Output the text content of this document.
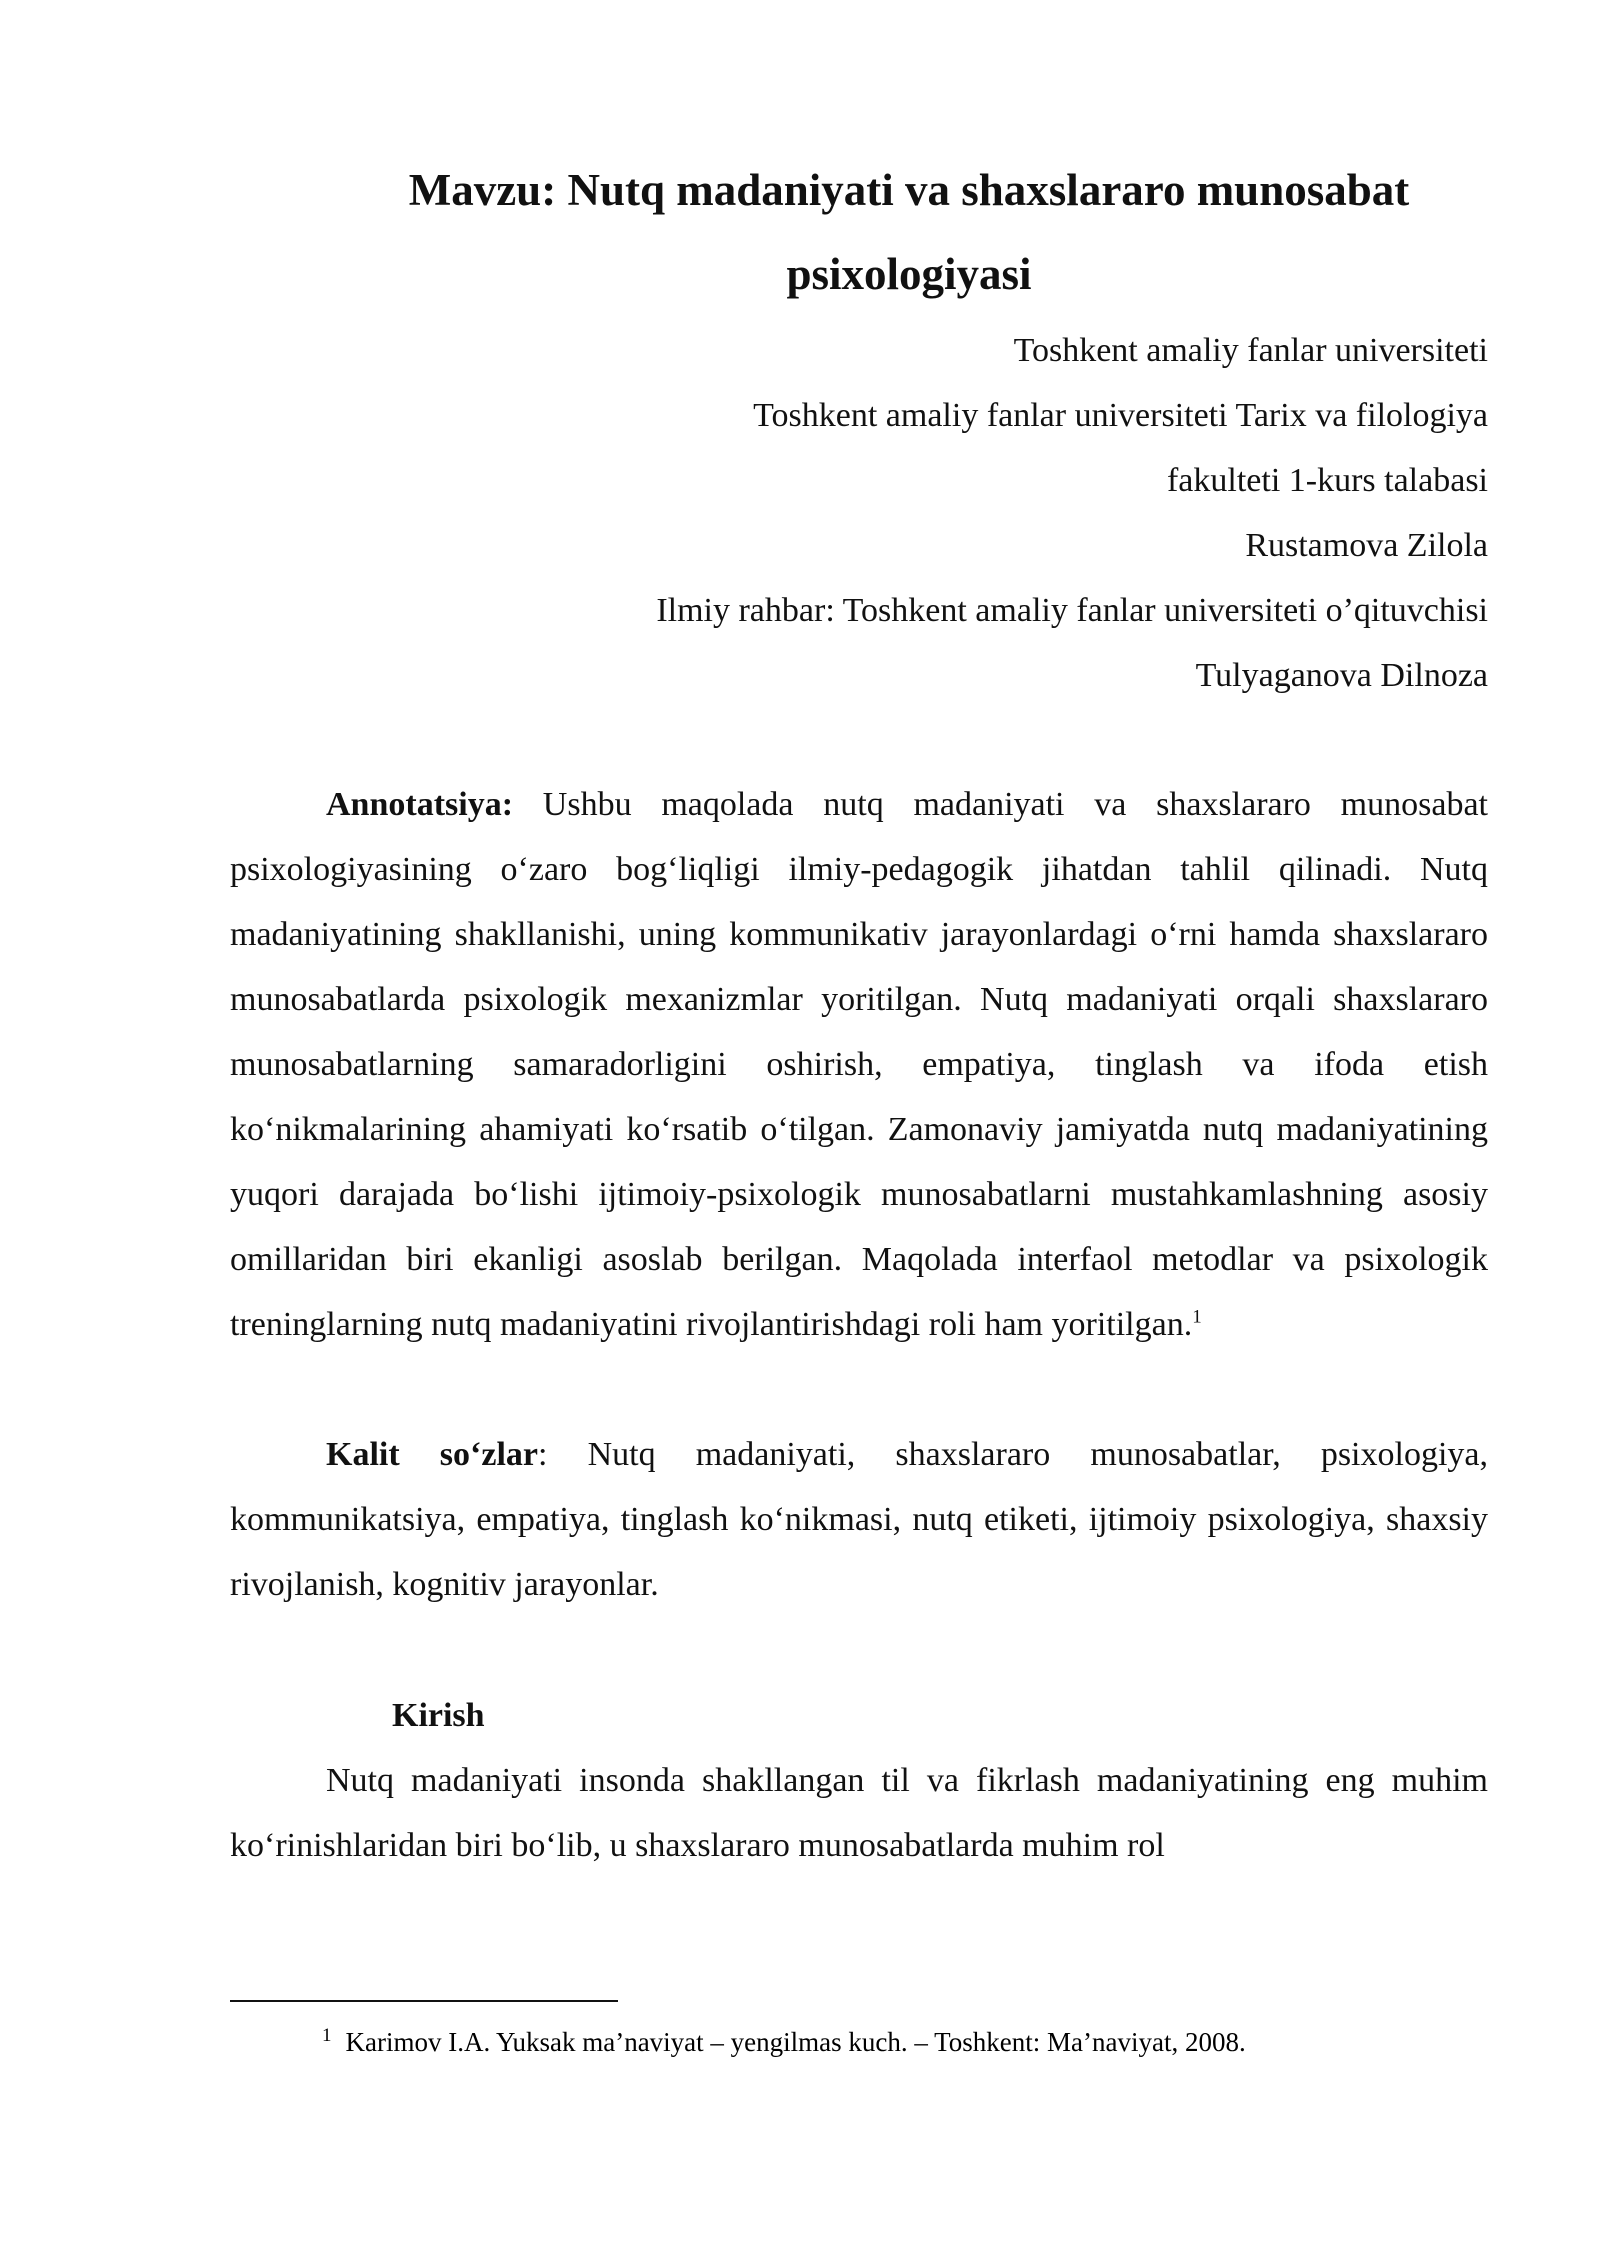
Mavzu: Nutq madaniyati va shaxslararo munosabat
psixologiyasi
Toshkent amaliy fanlar universiteti
Toshkent amaliy fanlar universiteti Tarix va filologiya
fakulteti 1-kurs talabasi
Rustamova Zilola
Ilmiy rahbar: Toshkent amaliy fanlar universiteti o’qituvchisi
Tulyaganova Dilnoza

Annotatsiya: Ushbu maqolada nutq madaniyati va shaxslararo munosabat psixologiyasining o‘zaro bog‘liqligi ilmiy-pedagogik jihatdan tahlil qilinadi. Nutq madaniyatining shakllanishi, uning kommunikativ jarayonlardagi o‘rni hamda shaxslararo munosabatlarda psixologik mexanizmlar yoritilgan. Nutq madaniyati orqali shaxslararo munosabatlarning samaradorligini oshirish, empatiya, tinglash va ifoda etish ko‘nikmalarining ahamiyati ko‘rsatib o‘tilgan. Zamonaviy jamiyatda nutq madaniyatining yuqori darajada bo‘lishi ijtimoiy-psixologik munosabatlarni mustahkamlashning asosiy omillaridan biri ekanligi asoslab berilgan. Maqolada interfaol metodlar va psixologik treninglarning nutq madaniyatini rivojlantirishdagi roli ham yoritilgan.$^1$

Kalit so‘zlar: Nutq madaniyati, shaxslararo munosabatlar, psixologiya, kommunikatsiya, empatiya, tinglash ko‘nikmasi, nutq etiketi, ijtimoiy psixologiya, shaxsiy rivojlanish, kognitiv jarayonlar.

Kirish

Nutq madaniyati insonda shakllangan til va fikrlash madaniyatining eng muhim ko‘rinishlaridan biri bo‘lib, u shaxslararo munosabatlarda muhim rol

$^1$ Karimov I.A. Yuksak ma’naviyat – yengilmas kuch. – Toshkent: Ma’naviyat, 2008.
